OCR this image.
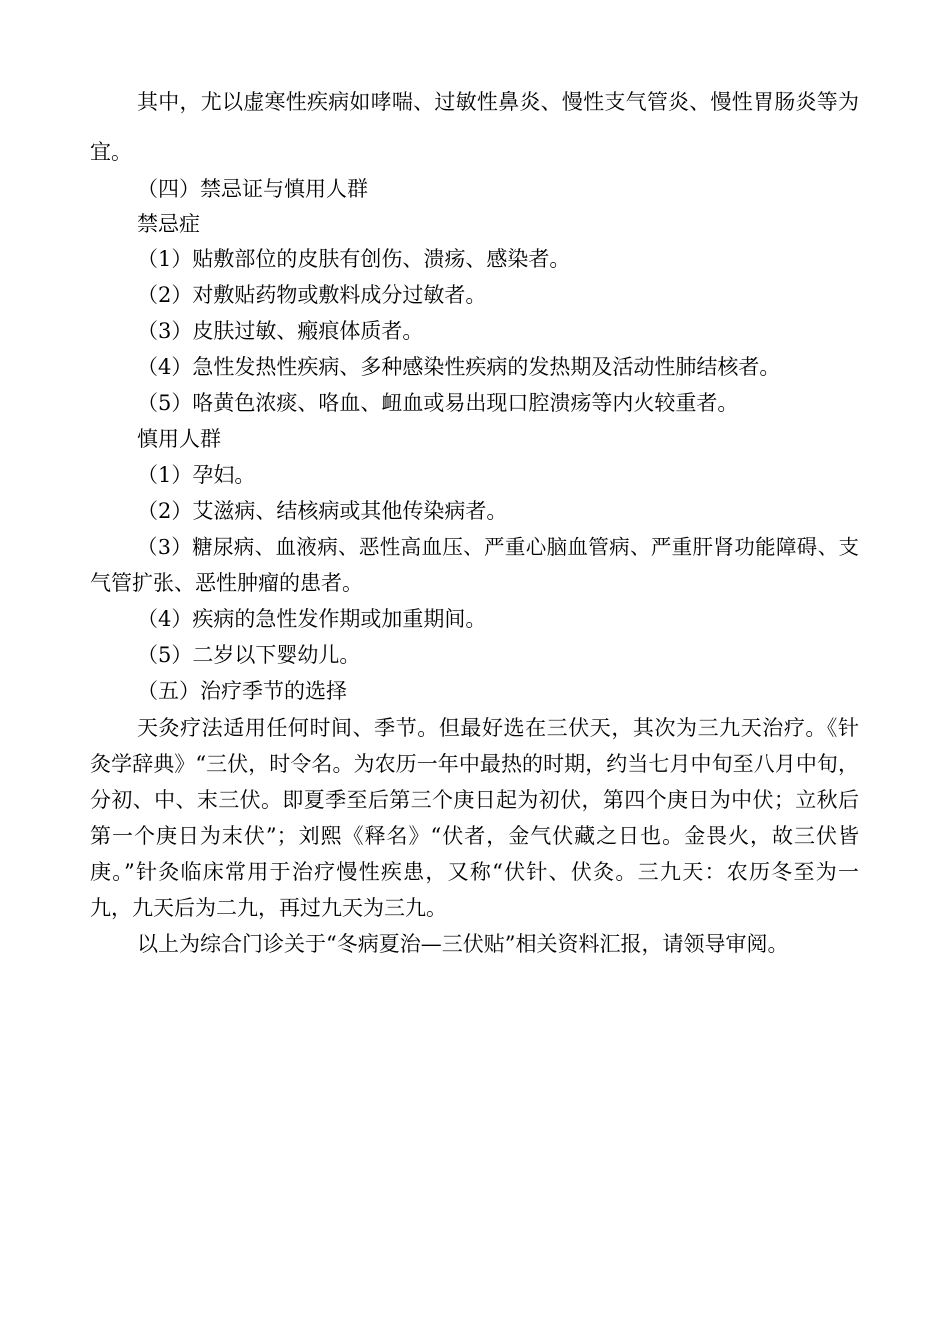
其中，尤以虚寒性疾病如哮喘、过敏性鼻炎、慢性支气管炎、慢性胃肠炎等为
宜。
（四）禁忌证与慎用人群
禁忌症
（1）贴敷部位的皮肤有创伤、溃疡、感染者。
（2）对敷贴药物或敷料成分过敏者。
（3）皮肤过敏、瘢痕体质者。
（4）急性发热性疾病、多种感染性疾病的发热期及活动性肺结核者。
（5）咯黄色浓痰、咯血、衄血或易出现口腔溃疡等内火较重者。
慎用人群
（1）孕妇。
（2）艾滋病、结核病或其他传染病者。
（3）糖尿病、血液病、恶性高血压、严重心脑血管病、严重肝肾功能障碍、支
气管扩张、恶性肿瘤的患者。
（4）疾病的急性发作期或加重期间。
（5）二岁以下婴幼儿。
（五）治疗季节的选择
天灸疗法适用任何时间、季节。但最好选在三伏天，其次为三九天治疗。《针
灸学辞典》“三伏，时令名。为农历一年中最热的时期，约当七月中旬至八月中旬，
分初、中、末三伏。即夏季至后第三个庚日起为初伏，第四个庚日为中伏；立秋后
第一个庚日为末伏”；刘熙《释名》“伏者，金气伏藏之日也。金畏火，故三伏皆
庚。”针灸临床常用于治疗慢性疾患，又称“伏针、伏灸。三九天：农历冬至为一
九，九天后为二九，再过九天为三九。
以上为综合门诊关于“冬病夏治—三伏贴”相关资料汇报，请领导审阅。
